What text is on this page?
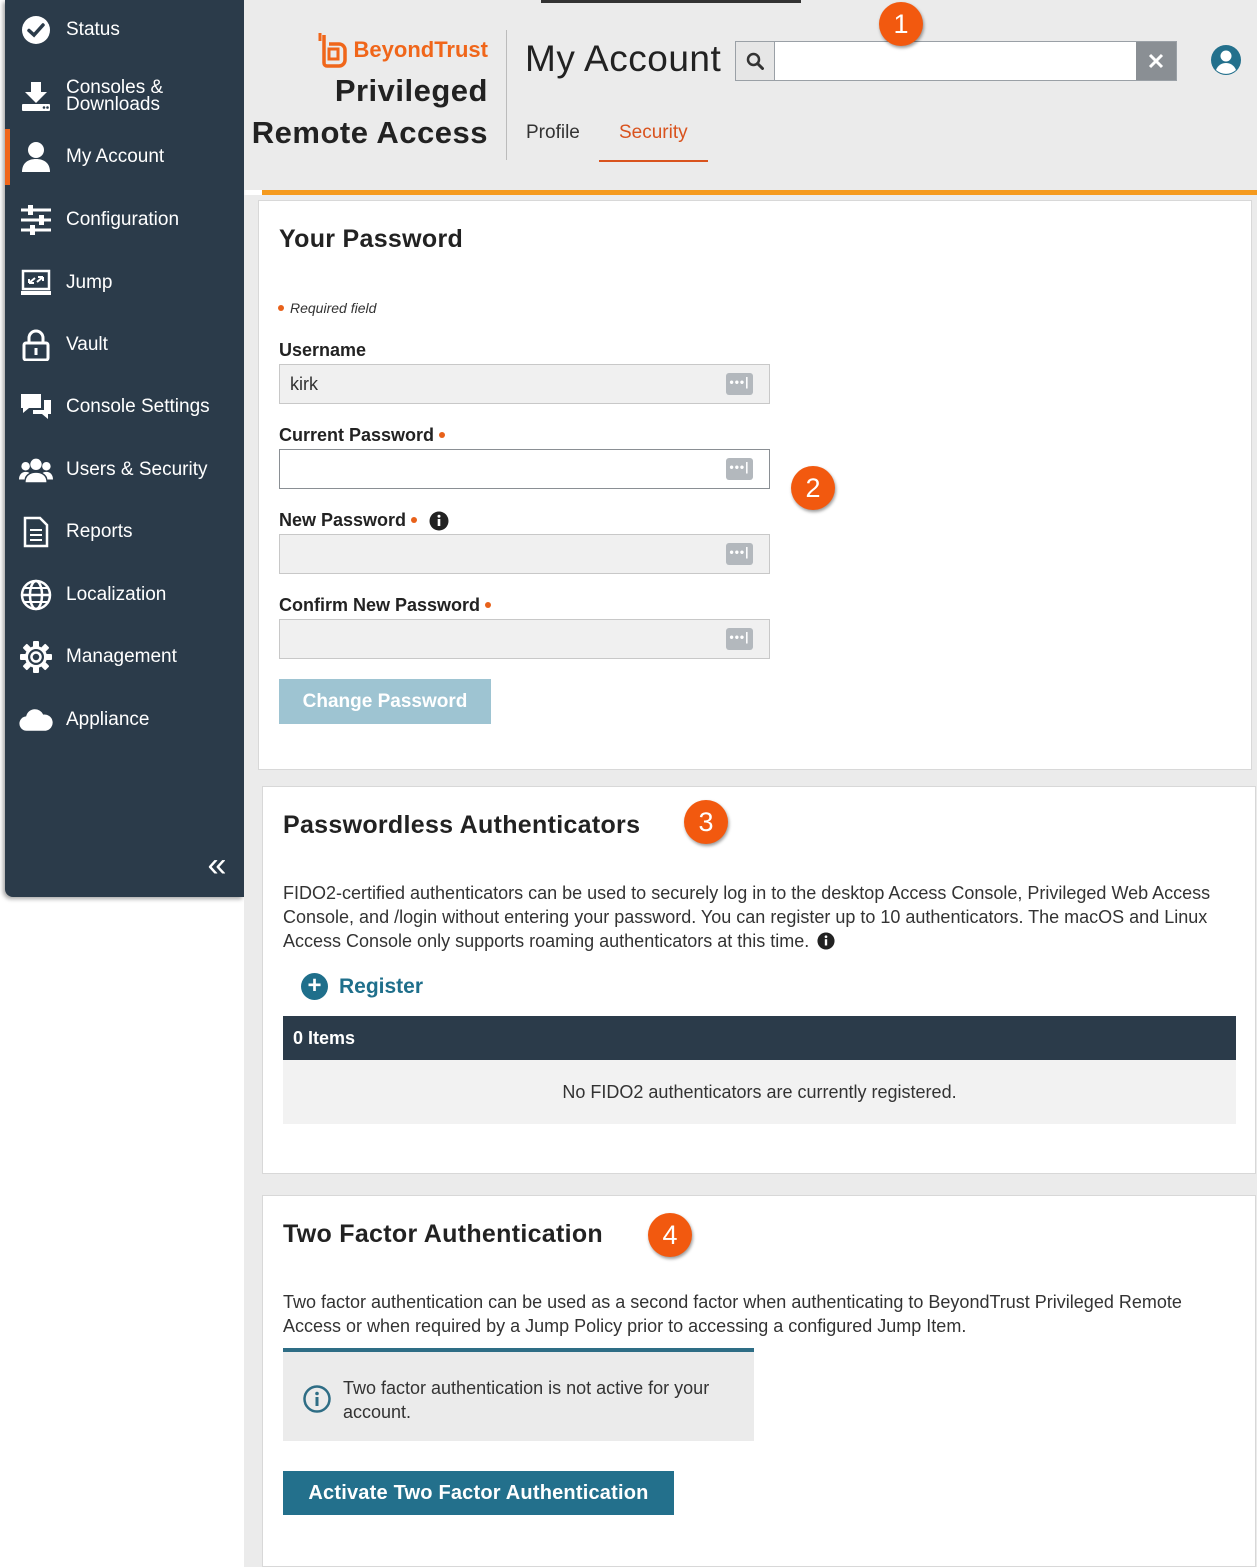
Status
Consoles &
Downloads
My Account
Configuration
Jump
Vault
Console Settings
Users & Security
Reports
Localization
Management
Appliance
«
BeyondTrust
Privileged
Remote Access
My Account
Profile	Security
1
Your Password
Required field
Username
kirk	•••|
Current Password
•••|
2
New Password
•••|
Confirm New Password
•••|
Change Password
Passwordless Authenticators	3
FIDO2-certified authenticators can be used to securely log in to the desktop Access Console, Privileged Web Access
Console, and /login without entering your password. You can register up to 10 authenticators. The macOS and Linux
Access Console only supports roaming authenticators at this time.
+ Register
0 Items
No FIDO2 authenticators are currently registered.
Two Factor Authentication	4
Two factor authentication can be used as a second factor when authenticating to BeyondTrust Privileged Remote
Access or when required by a Jump Policy prior to accessing a configured Jump Item.
Two factor authentication is not active for your
account.
Activate Two Factor Authentication
